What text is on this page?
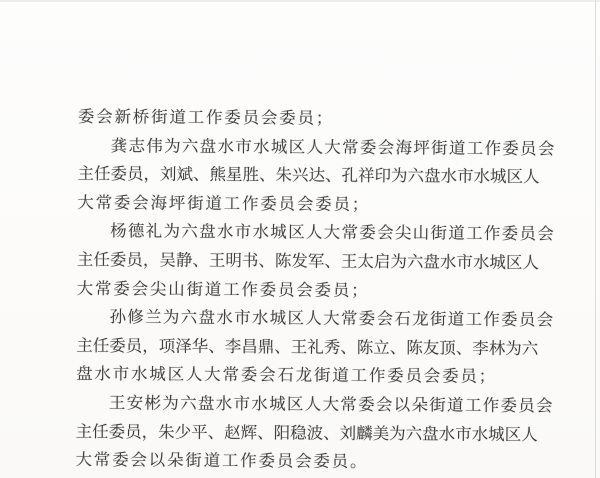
委会新桥街道工作委员会委员；
龚志伟为六盘水市水城区人大常委会海坪街道工作委员会
主任委员，刘斌、熊星胜、朱兴达、孔祥印为六盘水市水城区人
大常委会海坪街道工作委员会委员；
杨德礼为六盘水市水城区人大常委会尖山街道工作委员会
主任委员，吴静、王明书、陈发军、王太启为六盘水市水城区人
大常委会尖山街道工作委员会委员；
孙修兰为六盘水市水城区人大常委会石龙街道工作委员会
主任委员，项泽华、李昌鼎、王礼秀、陈立、陈友顶、李林为六
盘水市水城区人大常委会石龙街道工作委员会委员；
王安彬为六盘水市水城区人大常委会以朵街道工作委员会
主任委员，朱少平、赵辉、阳稳波、刘麟美为六盘水市水城区人
大常委会以朵街道工作委员会委员。
